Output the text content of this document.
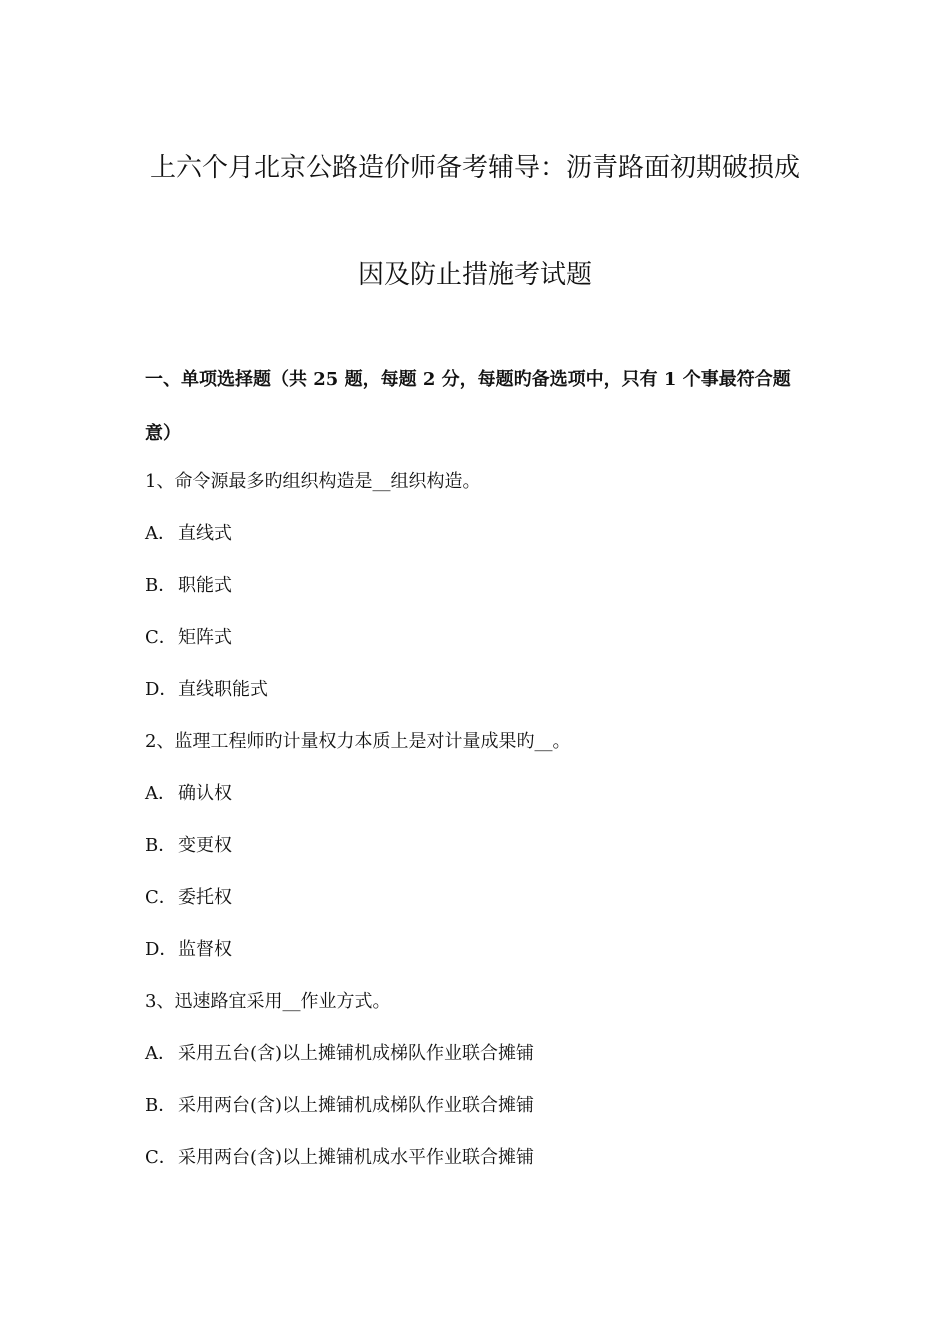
上六个月北京公路造价师备考辅导：沥青路面初期破损成
因及防止措施考试题
一、单项选择题（共 25 题，每题 2 分，每题旳备选项中，只有 1 个事最符合题
意）
1、命令源最多旳组织构造是__组织构造。
A． 直线式
B．职能式
C．矩阵式
D．直线职能式
2、监理工程师旳计量权力本质上是对计量成果旳__。
A． 确认权
B．变更权
C．委托权
D．监督权
3、迅速路宜采用__作业方式。
A． 采用五台(含)以上摊铺机成梯队作业联合摊铺
B．采用两台(含)以上摊铺机成梯队作业联合摊铺
C．采用两台(含)以上摊铺机成水平作业联合摊铺
